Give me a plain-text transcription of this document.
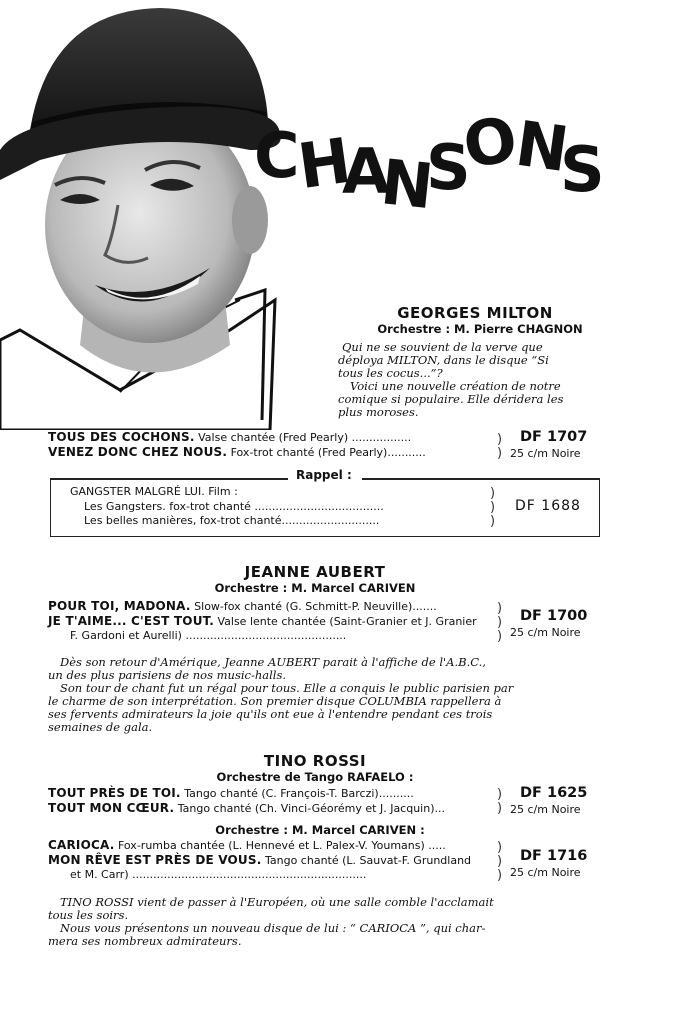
C
H
A
N
S
O
N
S
GEORGES MILTON
Orchestre : M. Pierre CHAGNON
Qui ne se souvient de la verve que
déploya MILTON, dans le disque “Si
tous les cocus...”?
Voici une nouvelle création de notre
comique si populaire. Elle déridera les
plus moroses.
TOUS DES COCHONS. Valse chantée (Fred Pearly) .................
VENEZ DONC CHEZ NOUS. Fox-trot chanté (Fred Pearly)...........
)
)
DF 1707
25 c/m Noire
Rappel :
GANGSTER MALGRÉ LUI. Film :
Les Gangsters. fox-trot chanté .....................................
Les belles manières, fox-trot chanté............................
)
)
)
DF 1688
JEANNE AUBERT
Orchestre : M. Marcel CARIVEN
POUR TOI, MADONA. Slow-fox chanté (G. Schmitt-P. Neuville).......
JE T'AIME... C'EST TOUT. Valse lente chantée (Saint-Granier et J. Granier
F. Gardoni et Aurelli) ..............................................
)
)
)
DF 1700
25 c/m Noire
Dès son retour d'Amérique, Jeanne AUBERT parait à l'affiche de l'A.B.C.,
un des plus parisiens de nos music-halls.
Son tour de chant fut un régal pour tous. Elle a conquis le public parisien par
le charme de son interprétation. Son premier disque COLUMBIA rappellera à
ses fervents admirateurs la joie qu'ils ont eue à l'entendre pendant ces trois
semaines de gala.
TINO ROSSI
Orchestre de Tango RAFAELO :
TOUT PRÈS DE TOI. Tango chanté (C. François-T. Barczi)..........
TOUT MON CŒUR. Tango chanté (Ch. Vinci-Géorémy et J. Jacquin)...
)
)
DF 1625
25 c/m Noire
Orchestre : M. Marcel CARIVEN :
CARIOCA. Fox-rumba chantée (L. Hennevé et L. Palex-V. Youmans) .....
MON RÊVE EST PRÈS DE VOUS. Tango chanté (L. Sauvat-F. Grundland
et M. Carr) ...................................................................
)
)
)
DF 1716
25 c/m Noire
TINO ROSSI vient de passer à l'Européen, où une salle comble l'acclamait
tous les soirs.
Nous vous présentons un nouveau disque de lui : “ CARIOCA ”, qui char-
mera ses nombreux admirateurs.
